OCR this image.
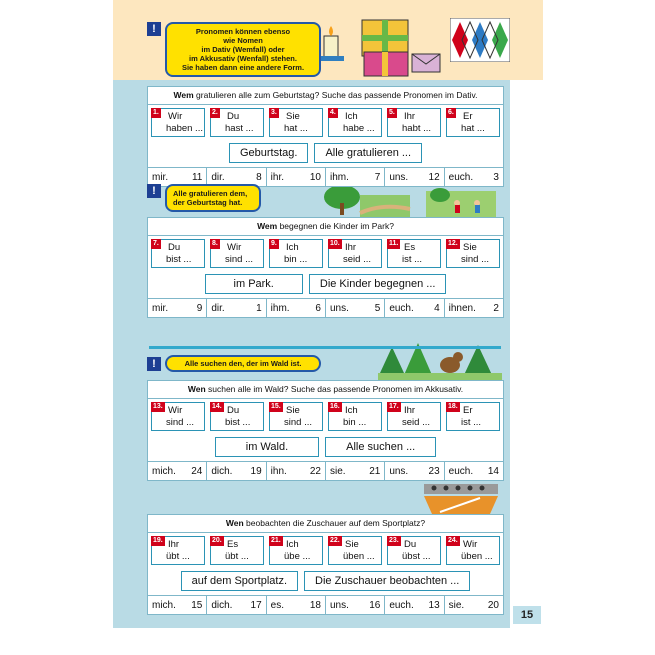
15
!	Pronomen können ebenso
wie Nomen
im Dativ (Wemfall) oder
im Akkusativ (Wenfall) stehen.
Sie haben dann eine andere Form.
Wem gratulieren alle zum Geburtstag? Suche das passende Pronomen im Dativ.
1. Wir
haben ...
2. Du
hast ...
3. Sie
hat ...
4. Ich
habe ...
5. Ihr
habt ...
6. Er
hat ...
Geburtstag.	Alle gratulieren ...
mir. 11 dir.	8 ihr.	10 ihm.	7 uns. 12 euch. 3
!	Alle gratulieren dem,
der Geburtstag hat.
Wem begegnen die Kinder im Park?
7. Du
bist ...
8. Wir
sind ...
9. Ich
bin ...
10. Ihr
seid ...
11. Es
ist ...
12. Sie
sind ...
im Park.	Die Kinder begegnen ...
mir.	9 dir.	1 ihm.	6 uns.	5 euch. 4 ihnen. 2
!	Alle suchen den, der im Wald ist.
Wen suchen alle im Wald? Suche das passende Pronomen im Akkusativ.
13. Wir
sind ...
14. Du
bist ...
15. Sie
sind ...
16. Ich
bin ...
17. Ihr
seid ...
18. Er
ist ...
im Wald.	Alle suchen ...
mich. 24 dich. 19 ihn. 22 sie. 21 uns. 23 euch. 14
Wen beobachten die Zuschauer auf dem Sportplatz?
19. Ihr
übt ...
20. Es
übt ...
21. Ich
übe ...
22. Sie
üben ...
23. Du
übst ...
24. Wir
üben ...
auf dem Sportplatz.	Die Zuschauer beobachten ...
mich. 15 dich. 17 es.	18 uns. 16 euch. 13 sie. 20
